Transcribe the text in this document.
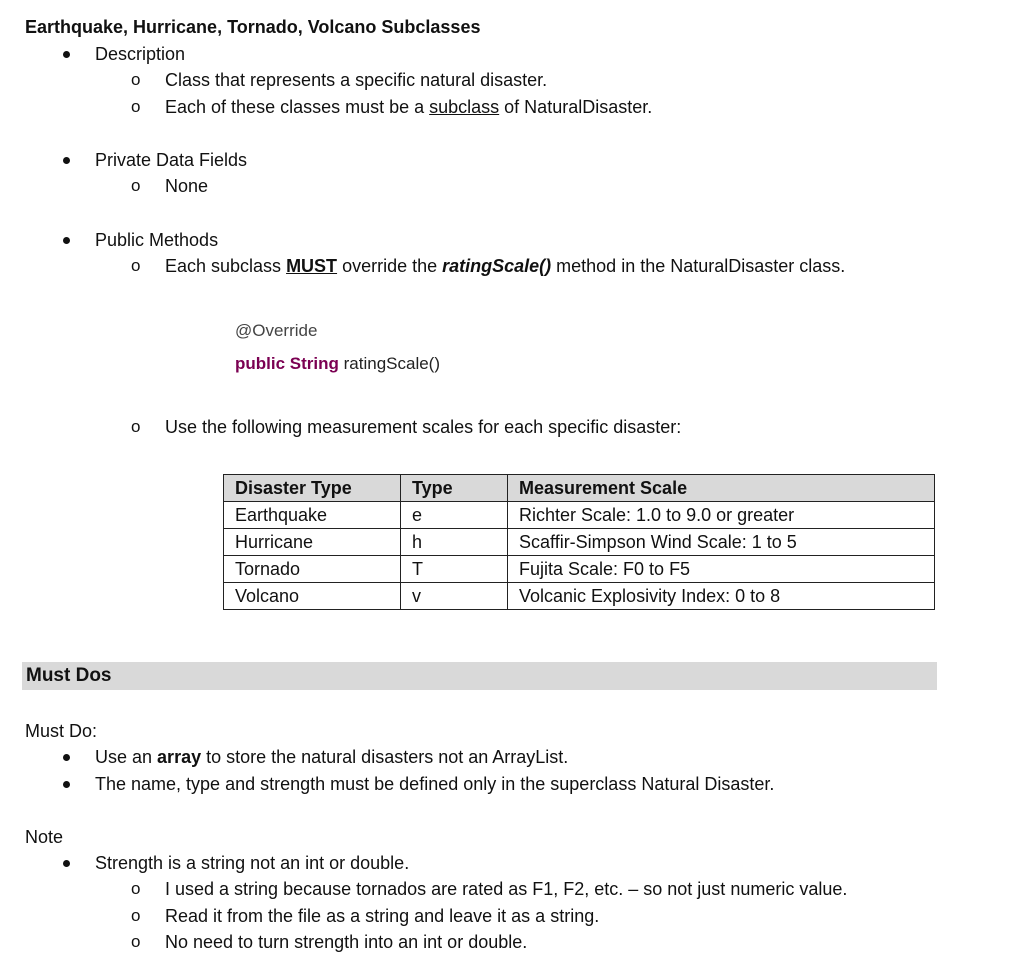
Earthquake, Hurricane, Tornado, Volcano Subclasses
Description
o Class that represents a specific natural disaster.
o Each of these classes must be a subclass of NaturalDisaster.
Private Data Fields
o None
Public Methods
o Each subclass MUST override the ratingScale() method in the NaturalDisaster class.
@Override
public String ratingScale()
o Use the following measurement scales for each specific disaster:
Disaster Type	Type	Measurement Scale
Earthquake	e	Richter Scale: 1.0 to 9.0 or greater
Hurricane	h	Scaffir-Simpson Wind Scale: 1 to 5
Tornado	T	Fujita Scale: F0 to F5
Volcano	v	Volcanic Explosivity Index: 0 to 8
Must Dos
Must Do:
Use an array to store the natural disasters not an ArrayList.
The name, type and strength must be defined only in the superclass Natural Disaster.
Note
Strength is a string not an int or double.
o I used a string because tornados are rated as F1, F2, etc. – so not just numeric value.
o Read it from the file as a string and leave it as a string.
o No need to turn strength into an int or double.
